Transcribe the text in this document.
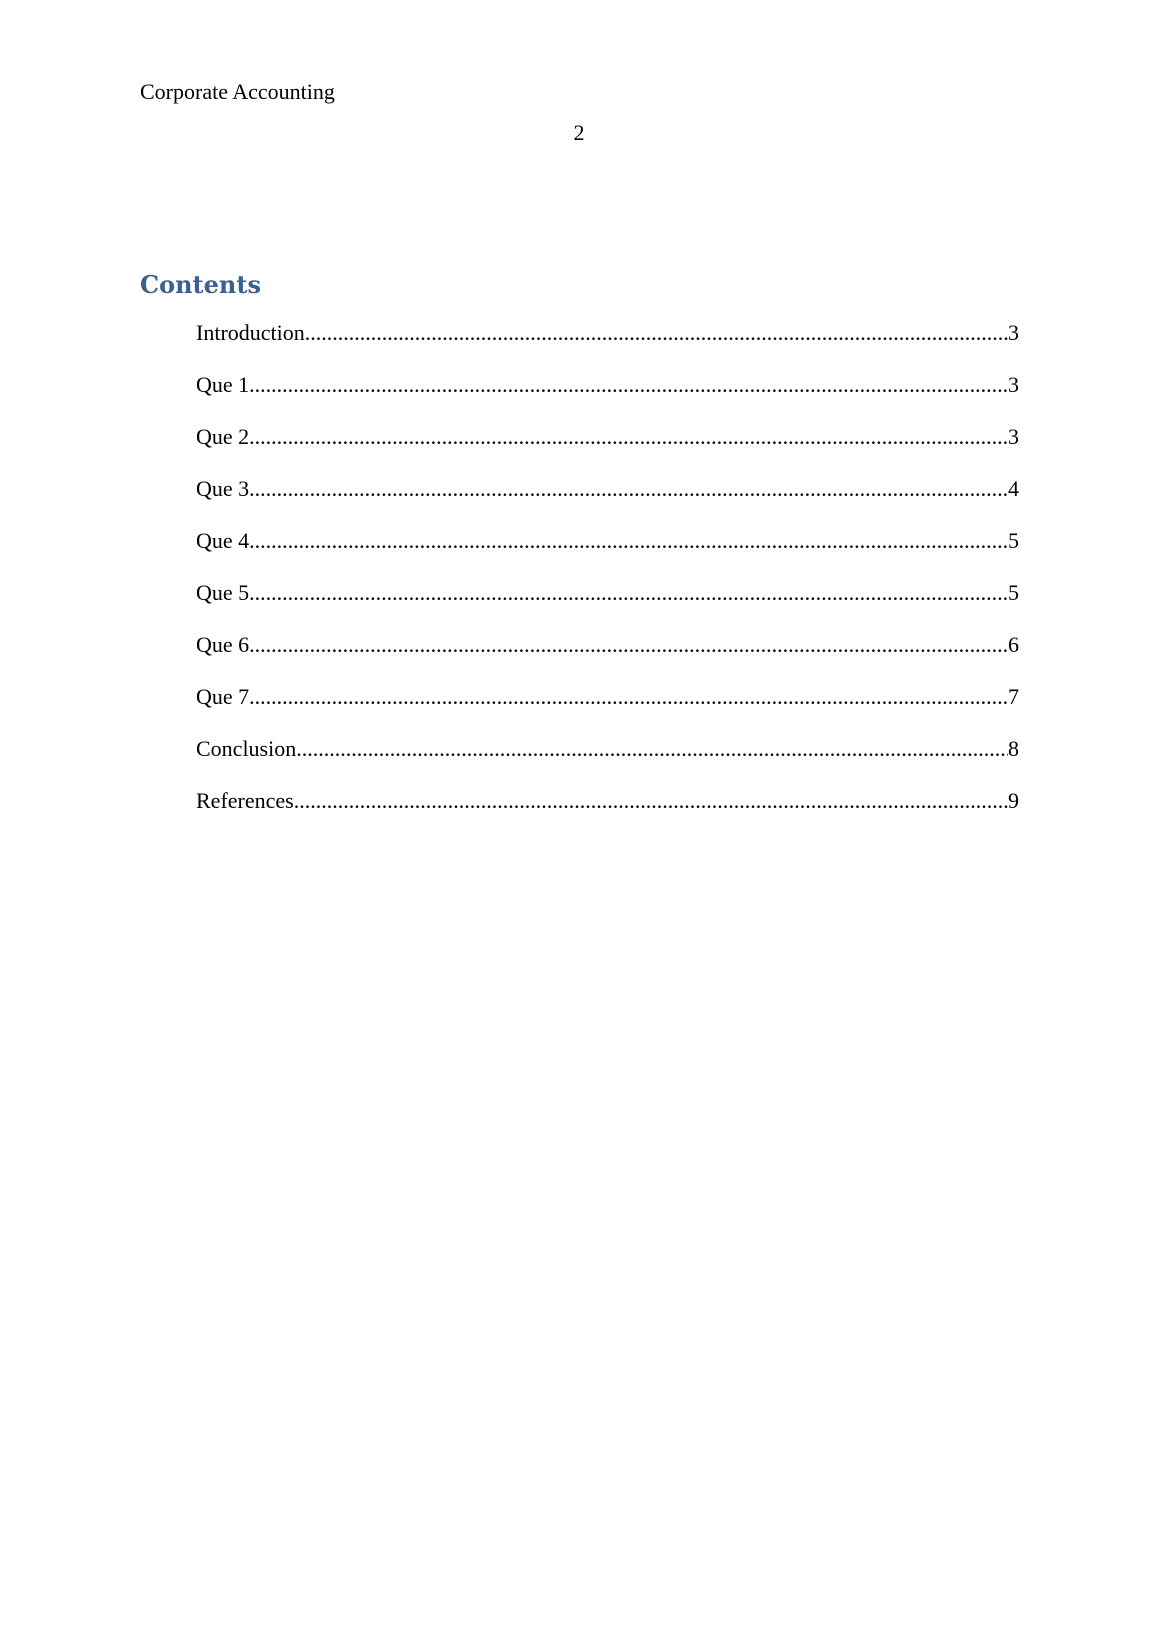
Corporate Accounting
2
Contents
Introduction .....	3
Que 1 .....	3
Que 2 .....	3
Que 3 .....	4
Que 4 .....	5
Que 5 .....	5
Que 6 .....	6
Que 7 .....	7
Conclusion .....	8
References .....	9
